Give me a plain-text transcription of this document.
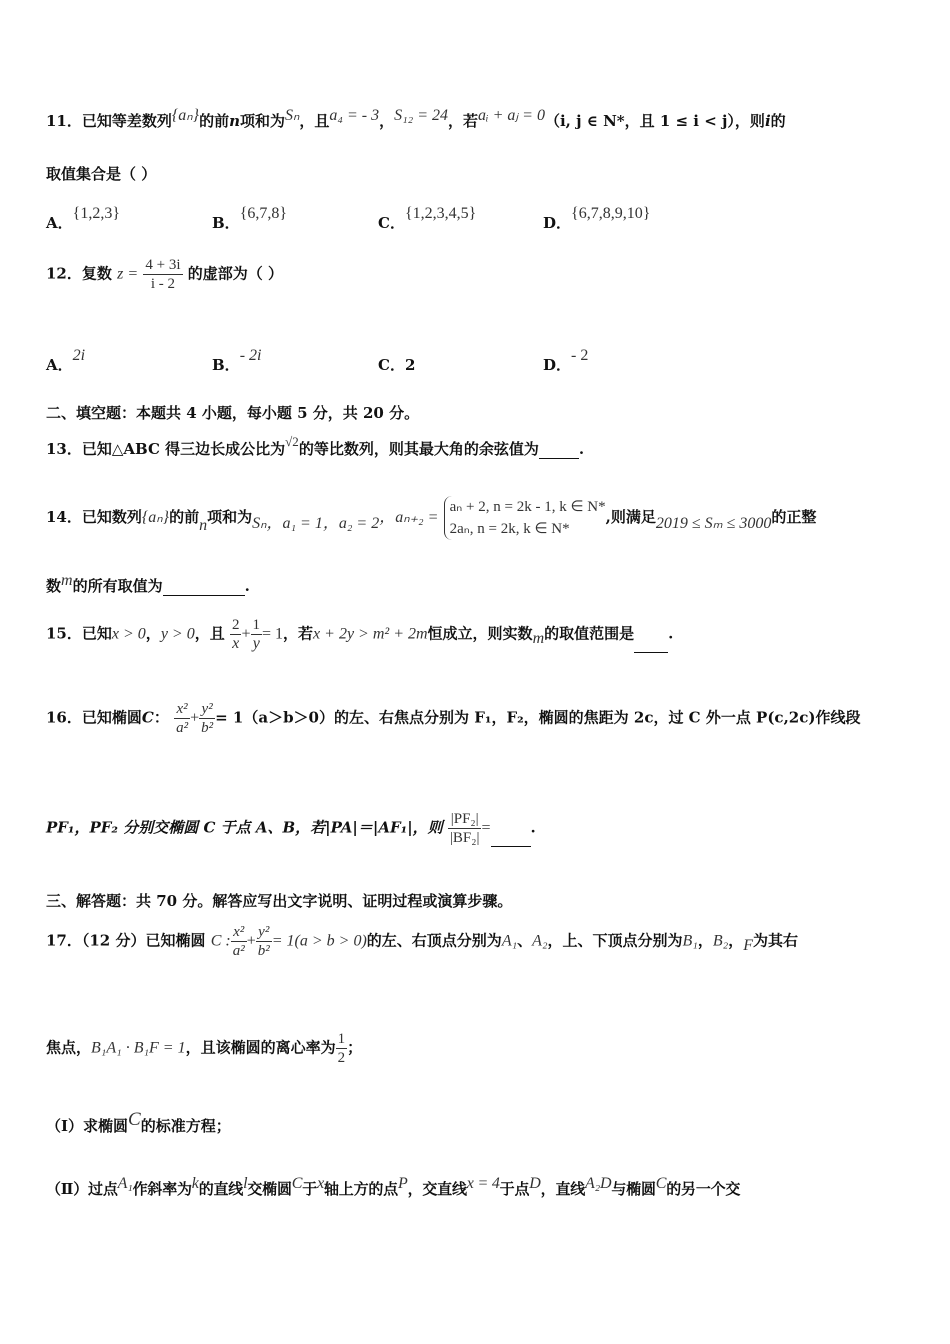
11．已知等差数列{aₙ}的前n项和为Sₙ，且a₄ = - 3，S₁₂ = 24，若aᵢ + aⱼ = 0（i, j ∈ N*，且 1 ≤ i < j），则i的
取值集合是（ ）
A．{1,2,3}
B．{6,7,8}
C．{1,2,3,4,5}
D．{6,7,8,9,10}
12．复数 $z = \frac{4 + 3i}{i - 2}$ 的虚部为（ ）
A．2i
B．- 2i
C．2	D．- 2
二、填空题：本题共 4 小题，每小题 5 分，共 20 分。
13．已知△ABC 得三边长成公比为√2的等比数列，则其最大角的余弦值为	.
14．已知数列{aₙ}的前n项和为Sₙ，a₁ = 1，a₂ = 2，aₙ₊₂ =
aₙ + 2, n = 2k - 1, k ∈ N*
2aₙ, n = 2k, k ∈ N*
,则满足2019 ≤ Sₘ ≤ 3000的正整
数m的所有取值为	.
15．已知x > 0，y > 0，且 $\frac{2}{x} + \frac{1}{y} = 1$，若x + 2y > m² + 2m恒成立，则实数m的取值范围是 .
16．已知椭圆C： $\frac{\text{x²}}{\text{a²}} + \frac{\text{y²}}{\text{b²}} = 1(a>b>0)$的左、右焦点分别为 F₁，F₂，椭圆的焦距为 2c，过 C 外一点 P(c,2c)作线段
PF₁，PF₂ 分别交椭圆 C 于点 A、B，若|PA|＝|AF₁|，则 $\frac{\text{|PF₂|}}{\text{|BF₂|}}$ =	.
三、解答题：共 70 分。解答应写出文字说明、证明过程或演算步骤。
17．（12 分）已知椭圆 C : $\frac{\text{x²}}{\text{a²}} + \frac{\text{y²}}{\text{b²}} = 1(a > b > 0)$的左、右顶点分别为A₁、A₂，上、下顶点分别为B₁，B₂，F为其右
焦点，B₁A₁ · B₁F = 1，且该椭圆的离心率为 $\frac{1}{2}$ ；
（Ⅰ）求椭圆C的标准方程；
（Ⅱ）过点A₁作斜率为k的直线l交椭圆C于x轴上方的点P，交直线x = 4于点D，直线A₂D与椭圆C的另一个交
